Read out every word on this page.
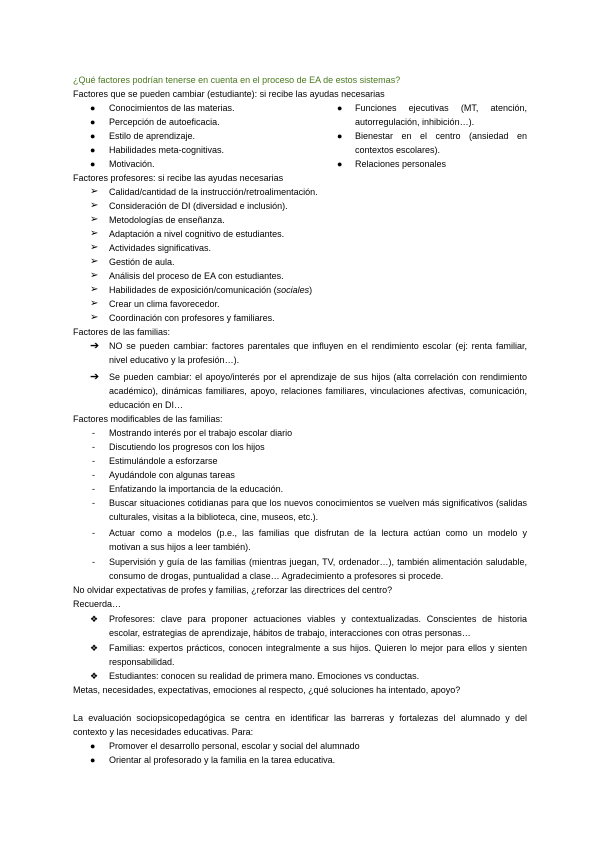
¿Qué factores podrían tenerse en cuenta en el proceso de EA de estos sistemas?
Factores que se pueden cambiar (estudiante): si recibe las ayudas necesarias
● Conocimientos de las materias.
● Percepción de autoeficacia.
● Estilo de aprendizaje.
● Habilidades meta-cognitivas.
● Motivación.
● Funciones ejecutivas (MT, atención,
autorregulación, inhibición…).
● Bienestar en el centro (ansiedad en
contextos escolares).
● Relaciones personales
Factores profesores: si recibe las ayudas necesarias
➢ Calidad/cantidad de la instrucción/retroalimentación.
➢ Consideración de DI (diversidad e inclusión).
➢ Metodologías de enseñanza.
➢ Adaptación a nivel cognitivo de estudiantes.
➢ Actividades significativas.
➢ Gestión de aula.
➢ Análisis del proceso de EA con estudiantes.
➢ Habilidades de exposición/comunicación (sociales)
➢ Crear un clima favorecedor.
➢ Coordinación con profesores y familiares.
Factores de las familias:
➔ NO se pueden cambiar: factores parentales que influyen en el rendimiento escolar (ej: renta familiar,
nivel educativo y la profesión…).
➔ Se pueden cambiar: el apoyo/interés por el aprendizaje de sus hijos (alta correlación con rendimiento
académico), dinámicas familiares, apoyo, relaciones familiares, vinculaciones afectivas, comunicación,
educación en DI…
Factores modificables de las familias:
- Mostrando interés por el trabajo escolar diario
- Discutiendo los progresos con los hijos
- Estimulándole a esforzarse
- Ayudándole con algunas tareas
- Enfatizando la importancia de la educación.
- Buscar situaciones cotidianas para que los nuevos conocimientos se vuelven más significativos (salidas
culturales, visitas a la biblioteca, cine, museos, etc.).
- Actuar como a modelos (p.e., las familias que disfrutan de la lectura actúan como un modelo y
motivan a sus hijos a leer también).
- Supervisión y guía de las familias (mientras juegan, TV, ordenador…), también alimentación saludable,
consumo de drogas, puntualidad a clase… Agradecimiento a profesores si procede.
No olvidar expectativas de profes y familias, ¿reforzar las directrices del centro?
Recuerda…
❖ Profesores: clave para proponer actuaciones viables y contextualizadas. Conscientes de historia
escolar, estrategias de aprendizaje, hábitos de trabajo, interacciones con otras personas…
❖ Familias: expertos prácticos, conocen integralmente a sus hijos. Quieren lo mejor para ellos y sienten
responsabilidad.
❖ Estudiantes: conocen su realidad de primera mano. Emociones vs conductas.
Metas, necesidades, expectativas, emociones al respecto, ¿qué soluciones ha intentado, apoyo?
La evaluación sociopsicopedagógica se centra en identificar las barreras y fortalezas del alumnado y del
contexto y las necesidades educativas. Para:
● Promover el desarrollo personal, escolar y social del alumnado
● Orientar al profesorado y la familia en la tarea educativa.
